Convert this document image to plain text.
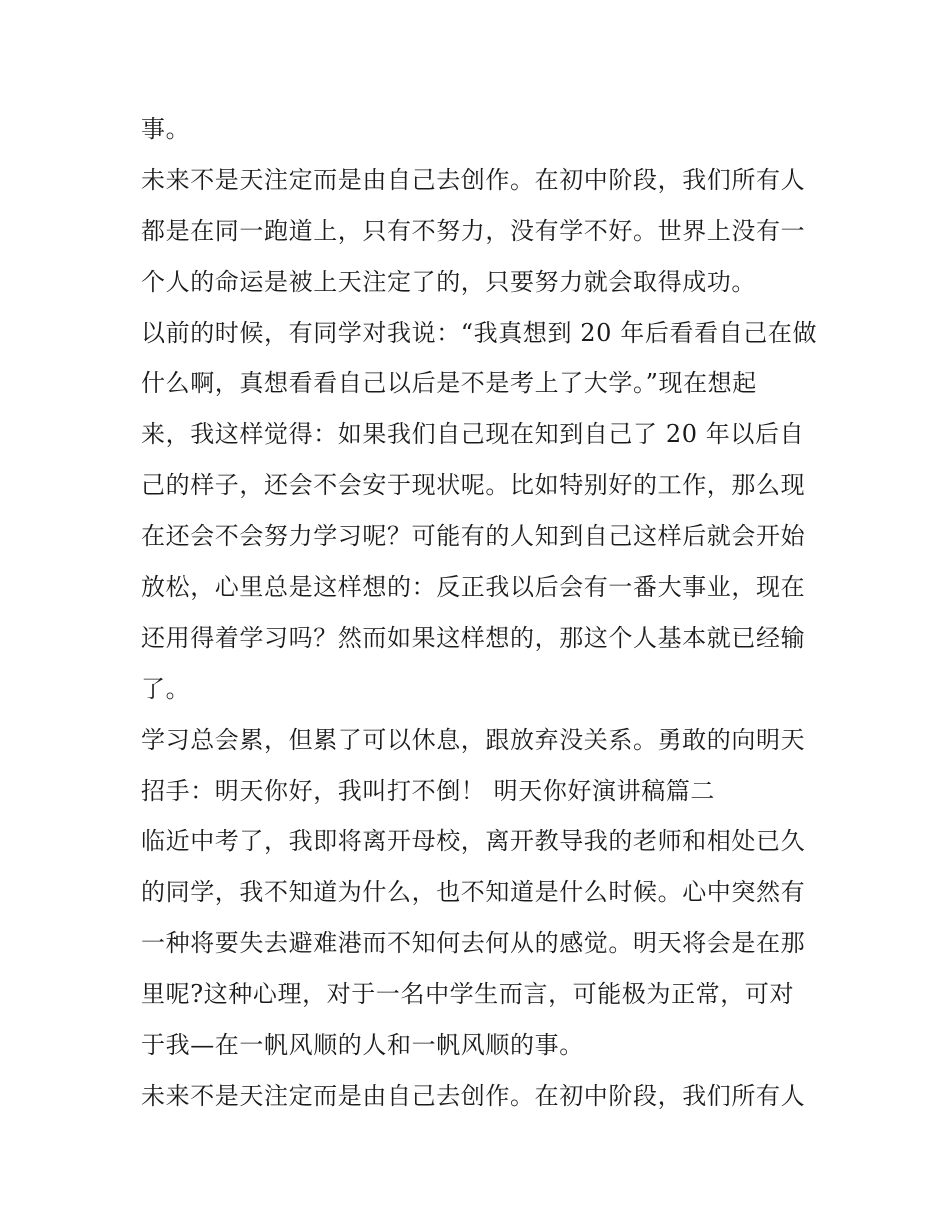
事。
未来不是天注定而是由自己去创作。在初中阶段，我们所有人
都是在同一跑道上，只有不努力，没有学不好。世界上没有一
个人的命运是被上天注定了的，只要努力就会取得成功。
以前的时候，有同学对我说：“我真想到 20 年后看看自己在做
什么啊，真想看看自己以后是不是考上了大学。”现在想起
来，我这样觉得：如果我们自己现在知到自己了 20 年以后自
己的样子，还会不会安于现状呢。比如特别好的工作，那么现
在还会不会努力学习呢？可能有的人知到自己这样后就会开始
放松，心里总是这样想的：反正我以后会有一番大事业，现在
还用得着学习吗？然而如果这样想的，那这个人基本就已经输
了。
学习总会累，但累了可以休息，跟放弃没关系。勇敢的向明天
招手：明天你好，我叫打不倒！ 明天你好演讲稿篇二
临近中考了，我即将离开母校，离开教导我的老师和相处已久
的同学，我不知道为什么，也不知道是什么时候。心中突然有
一种将要失去避难港而不知何去何从的感觉。明天将会是在那
里呢?这种心理，对于一名中学生而言，可能极为正常，可对
于我—在一帆风顺的人和一帆风顺的事。
未来不是天注定而是由自己去创作。在初中阶段，我们所有人
